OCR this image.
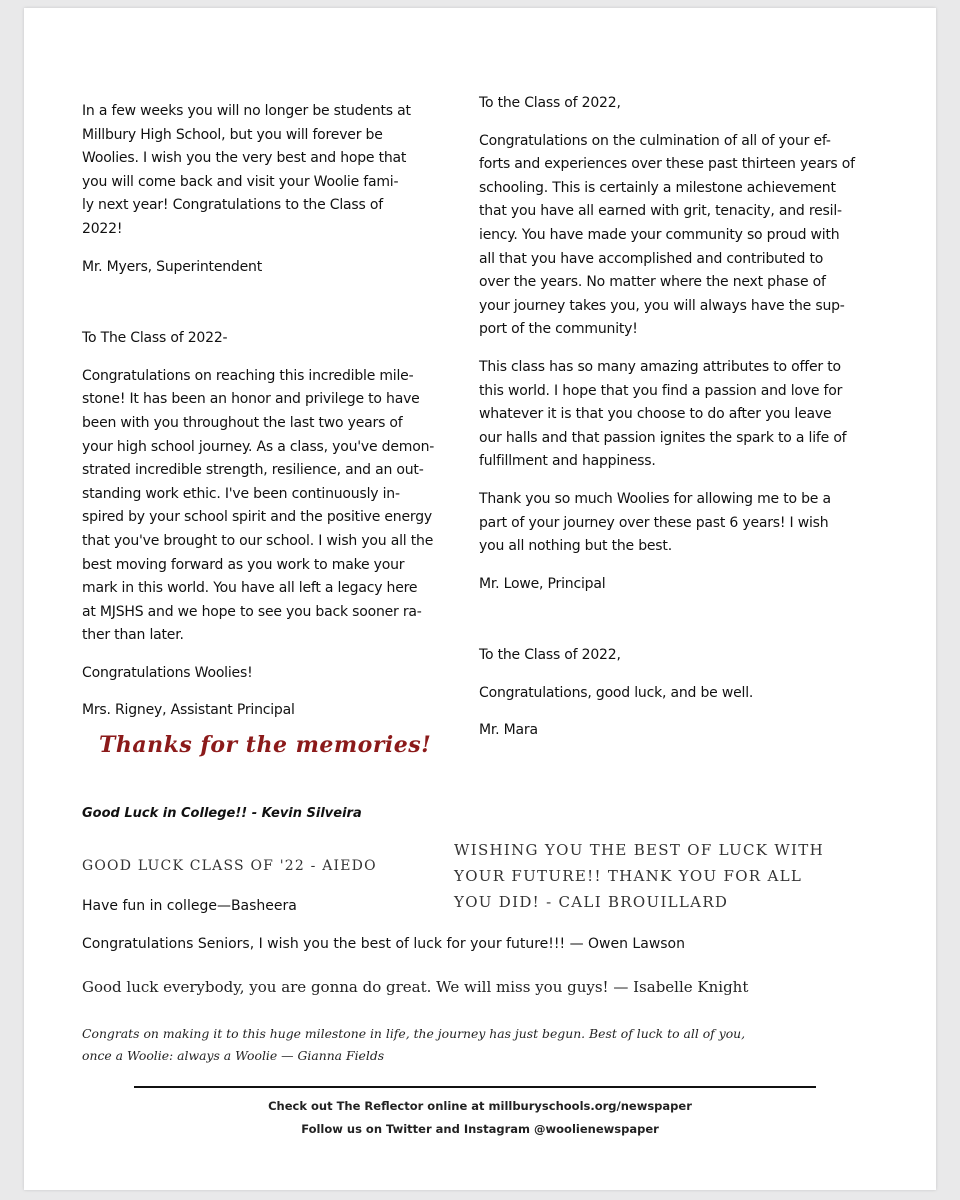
In a few weeks you will no longer be students at

Millbury High School, but you will forever be

Woolies. I wish you the very best and hope that

you will come back and visit your Woolie fami-

ly next year! Congratulations to the Class of

2022!

Mr. Myers, Superintendent

To The Class of 2022-

Congratulations on reaching this incredible mile-

stone! It has been an honor and privilege to have

been with you throughout the last two years of

your high school journey. As a class, you've demon-

strated incredible strength, resilience, and an out-

standing work ethic. I've been continuously in-

spired by your school spirit and the positive energy

that you've brought to our school. I wish you all the

best moving forward as you work to make your

mark in this world. You have all left a legacy here

at MJSHS and we hope to see you back sooner ra-

ther than later.

Congratulations Woolies!

Mrs. Rigney, Assistant Principal

To the Class of 2022,

Congratulations on the culmination of all of your ef-

forts and experiences over these past thirteen years of

schooling. This is certainly a milestone achievement

that you have all earned with grit, tenacity, and resil-

iency. You have made your community so proud with

all that you have accomplished and contributed to

over the years. No matter where the next phase of

your journey takes you, you will always have the sup-

port of the community!

This class has so many amazing attributes to offer to

this world. I hope that you find a passion and love for

whatever it is that you choose to do after you leave

our halls and that passion ignites the spark to a life of

fulfillment and happiness.

Thank you so much Woolies for allowing me to be a

part of your journey over these past 6 years! I wish

you all nothing but the best.

Mr. Lowe, Principal

To the Class of 2022,

Congratulations, good luck, and be well.

Mr. Mara

Thanks for the memories!
Good Luck in College!! - Kevin Silveira
GOOD LUCK CLASS OF '22 - AIEDO
WISHING YOU THE BEST OF LUCK WITH
YOUR FUTURE!! THANK YOU FOR ALL
YOU DID! - CALI BROUILLARD
Have fun in college—Basheera
Congratulations Seniors, I wish you the best of luck for your future!!! — Owen Lawson
Good luck everybody, you are gonna do great. We will miss you guys! — Isabelle Knight
Congrats on making it to this huge milestone in life, the journey has just begun. Best of luck to all of you,
once a Woolie: always a Woolie — Gianna Fields
Check out The Reflector online at millburyschools.org/newspaper
Follow us on Twitter and Instagram @woolienewspaper
